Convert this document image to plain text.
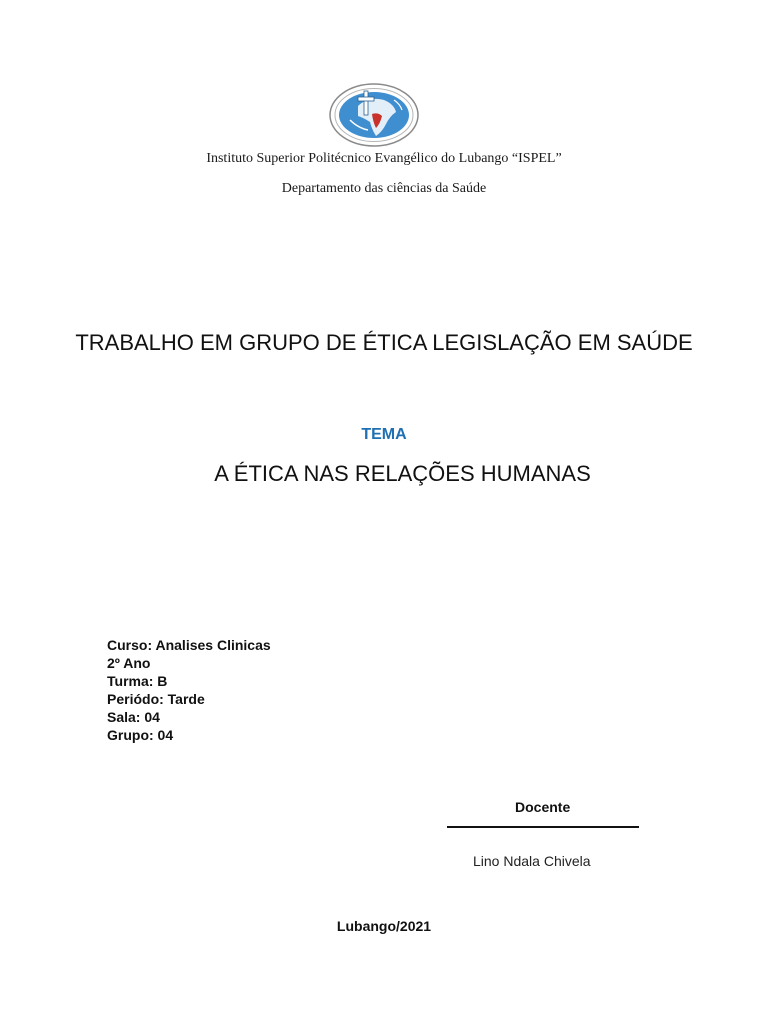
Instituto Superior Politécnico Evangélico do Lubango “ISPEL”
Departamento das ciências da Saúde
TRABALHO EM GRUPO DE ÉTICA LEGISLAÇÃO EM SAÚDE
TEMA
A ÉTICA NAS RELAÇÕES HUMANAS
Curso: Analises Clinicas
2º Ano
Turma: B
Periódo: Tarde
Sala: 04
Grupo: 04
Docente
Lino Ndala Chivela
Lubango/2021
